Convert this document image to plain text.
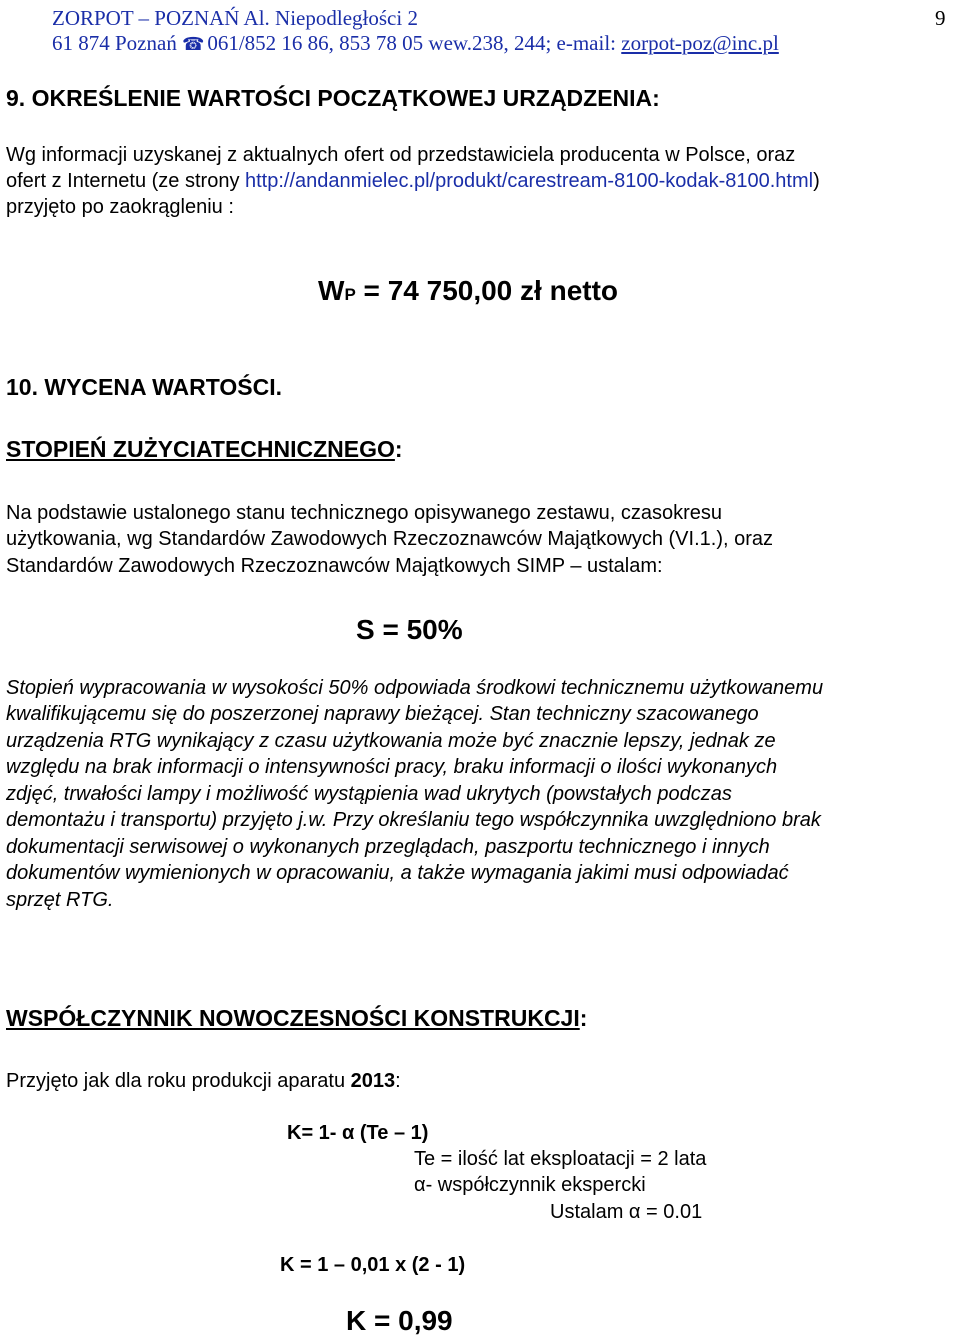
ZORPOT – POZNAŃ Al. Niepodległości 2
61 874 Poznań ☎ 061/852 16 86, 853 78 05 wew.238, 244; e-mail: zorpot-poz@inc.pl
9
9. OKREŚLENIE WARTOŚCI POCZĄTKOWEJ URZĄDZENIA:
Wg informacji uzyskanej z aktualnych ofert od przedstawiciela producenta w Polsce, oraz
ofert z Internetu (ze strony http://andanmielec.pl/produkt/carestream-8100-kodak-8100.html)
przyjęto po zaokrągleniu :
WP = 74 750,00 zł netto
10. WYCENA WARTOŚCI.
STOPIEŃ ZUŻYCIATECHNICZNEGO:
Na podstawie ustalonego stanu technicznego opisywanego zestawu, czasokresu
użytkowania, wg Standardów Zawodowych Rzeczoznawców Majątkowych (VI.1.), oraz
Standardów Zawodowych Rzeczoznawców Majątkowych SIMP – ustalam:
S = 50%
Stopień wypracowania w wysokości 50% odpowiada środkowi technicznemu użytkowanemu
kwalifikującemu się do poszerzonej naprawy bieżącej. Stan techniczny szacowanego
urządzenia RTG wynikający z czasu użytkowania może być znacznie lepszy, jednak ze
względu na brak informacji o intensywności pracy, braku informacji o ilości wykonanych
zdjęć, trwałości lampy i możliwość wystąpienia wad ukrytych (powstałych podczas
demontażu i transportu) przyjęto j.w. Przy określaniu tego współczynnika uwzględniono brak
dokumentacji serwisowej o wykonanych przeglądach, paszportu technicznego i innych
dokumentów wymienionych w opracowaniu, a także wymagania jakimi musi odpowiadać
sprzęt RTG.
WSPÓŁCZYNNIK NOWOCZESNOŚCI KONSTRUKCJI:
Przyjęto jak dla roku produkcji aparatu 2013:
K= 1- α (Te – 1)
Te = ilość lat eksploatacji = 2 lata
α- współczynnik ekspercki
Ustalam α = 0.01
K = 1 – 0,01 x (2 - 1)
K = 0,99
